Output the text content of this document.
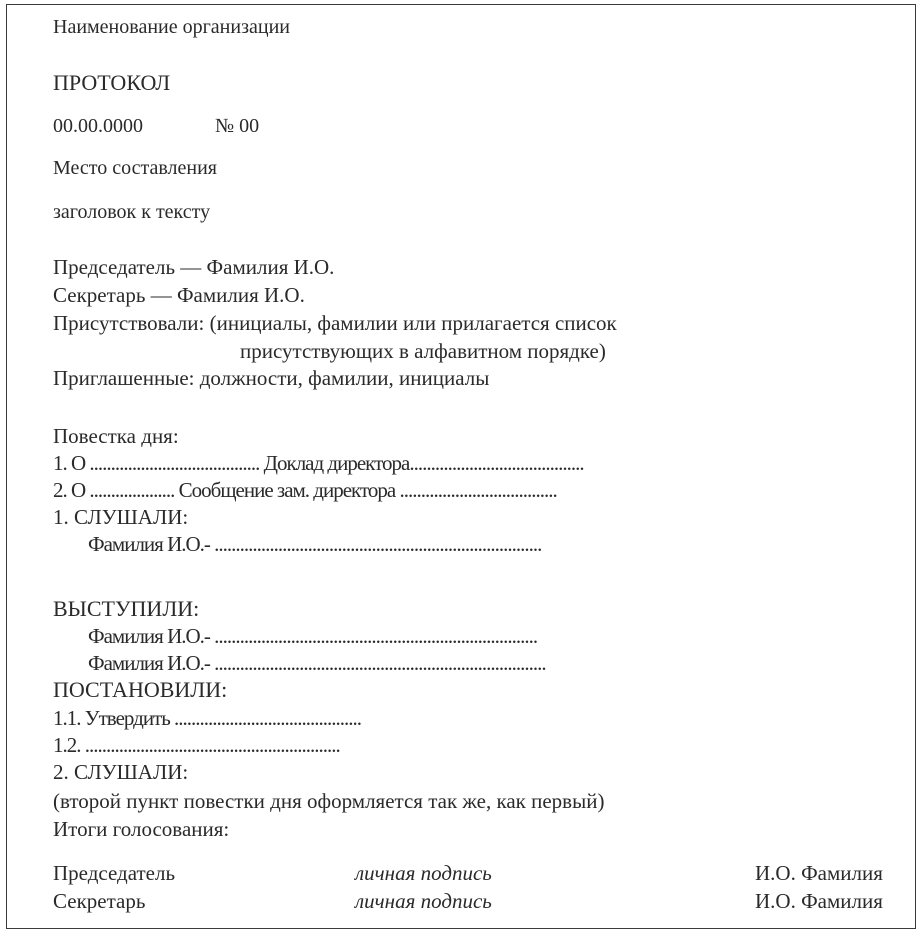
Наименование организации
ПРОТОКОЛ
00.00.0000	№ 00
Место составления
заголовок к тексту
Председатель — Фамилия И.О.
Секретарь — Фамилия И.О.
Присутствовали: (инициалы, фамилии или прилагается список
присутствующих в алфавитном порядке)
Приглашенные: должности, фамилии, инициалы
Повестка дня:
1. О ........................................ Доклад директора.........................................
2. О .................... Сообщение зам. директора .....................................
1. СЛУШАЛИ:
Фамилия И.О.- .............................................................................
ВЫСТУПИЛИ:
Фамилия И.О.- ............................................................................
Фамилия И.О.- ..............................................................................
ПОСТАНОВИЛИ:
1.1. Утвердить ............................................
1.2. ............................................................
2. СЛУШАЛИ:
(второй пункт повестки дня оформляется так же, как первый)
Итоги голосования:
Председатель	личная подпись	И.О. Фамилия
Секретарь	личная подпись	И.О. Фамилия
